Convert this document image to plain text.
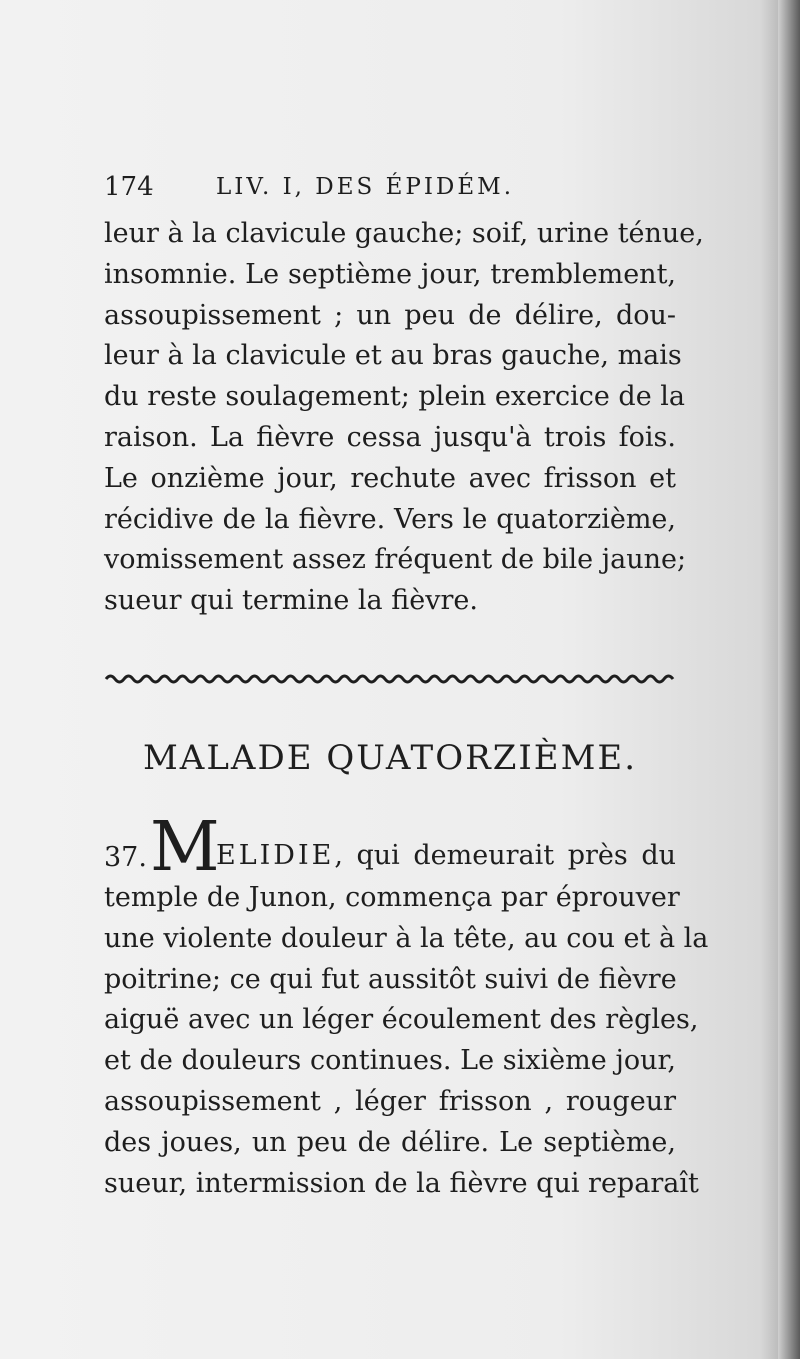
174	LIV. I, DES ÉPIDÉM.
leur à la clavicule gauche; soif, urine ténue,
insomnie. Le septième jour, tremblement,
assoupissement ; un peu de délire, dou-
leur à la clavicule et au bras gauche, mais
du reste soulagement; plein exercice de la
raison. La fièvre cessa jusqu'à trois fois.
Le onzième jour, rechute avec frisson et
récidive de la fièvre. Vers le quatorzième,
vomissement assez fréquent de bile jaune;
sueur qui termine la fièvre.
MALADE QUATORZIÈME.
37. M
ELIDIE, qui demeurait près du
temple de Junon, commença par éprouver
une violente douleur à la tête, au cou et à la
poitrine; ce qui fut aussitôt suivi de fièvre
aiguë avec un léger écoulement des règles,
et de douleurs continues. Le sixième jour,
assoupissement , léger frisson , rougeur
des joues, un peu de délire. Le septième,
sueur, intermission de la fièvre qui reparaît
